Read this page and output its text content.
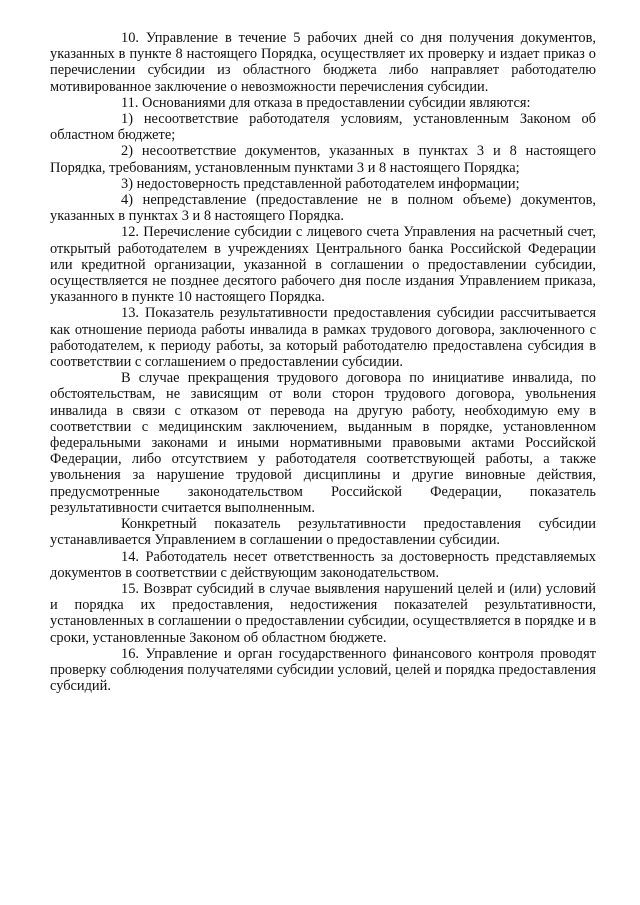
10. Управление в течение 5 рабочих дней со дня получения документов, указанных в пункте 8 настоящего Порядка, осуществляет их проверку и издает приказ о перечислении субсидии из областного бюджета либо направляет работодателю мотивированное заключение о невозможности перечисления субсидии.

11. Основаниями для отказа в предоставлении субсидии являются:

1) несоответствие работодателя условиям, установленным Законом об областном бюджете;

2) несоответствие документов, указанных в пунктах 3 и 8 настоящего Порядка, требованиям, установленным пунктами 3 и 8 настоящего Порядка;

3) недостоверность представленной работодателем информации;

4) непредставление (предоставление не в полном объеме) документов, указанных в пунктах 3 и 8 настоящего Порядка.

12. Перечисление субсидии с лицевого счета Управления на расчетный счет, открытый работодателем в учреждениях Центрального банка Российской Федерации или кредитной организации, указанной в соглашении о предоставлении субсидии, осуществляется не позднее десятого рабочего дня после издания Управлением приказа, указанного в пункте 10 настоящего Порядка.

13. Показатель результативности предоставления субсидии рассчитывается как отношение периода работы инвалида в рамках трудового договора, заключенного с работодателем, к периоду работы, за который работодателю предоставлена субсидия в соответствии с соглашением о предоставлении субсидии.

В случае прекращения трудового договора по инициативе инвалида, по обстоятельствам, не зависящим от воли сторон трудового договора, увольнения инвалида в связи с отказом от перевода на другую работу, необходимую ему в соответствии с медицинским заключением, выданным в порядке, установленном федеральными законами и иными нормативными правовыми актами Российской Федерации, либо отсутствием у работодателя соответствующей работы, а также увольнения за нарушение трудовой дисциплины и другие виновные действия, предусмотренные законодательством Российской Федерации, показатель результативности считается выполненным.

Конкретный показатель результативности предоставления субсидии устанавливается Управлением в соглашении о предоставлении субсидии.

14. Работодатель несет ответственность за достоверность представляемых документов в соответствии с действующим законодательством.

15. Возврат субсидий в случае выявления нарушений целей и (или) условий и порядка их предоставления, недостижения показателей результативности, установленных в соглашении о предоставлении субсидии, осуществляется в порядке и в сроки, установленные Законом об областном бюджете.

16. Управление и орган государственного финансового контроля проводят проверку соблюдения получателями субсидии условий, целей и порядка предоставления субсидий.
